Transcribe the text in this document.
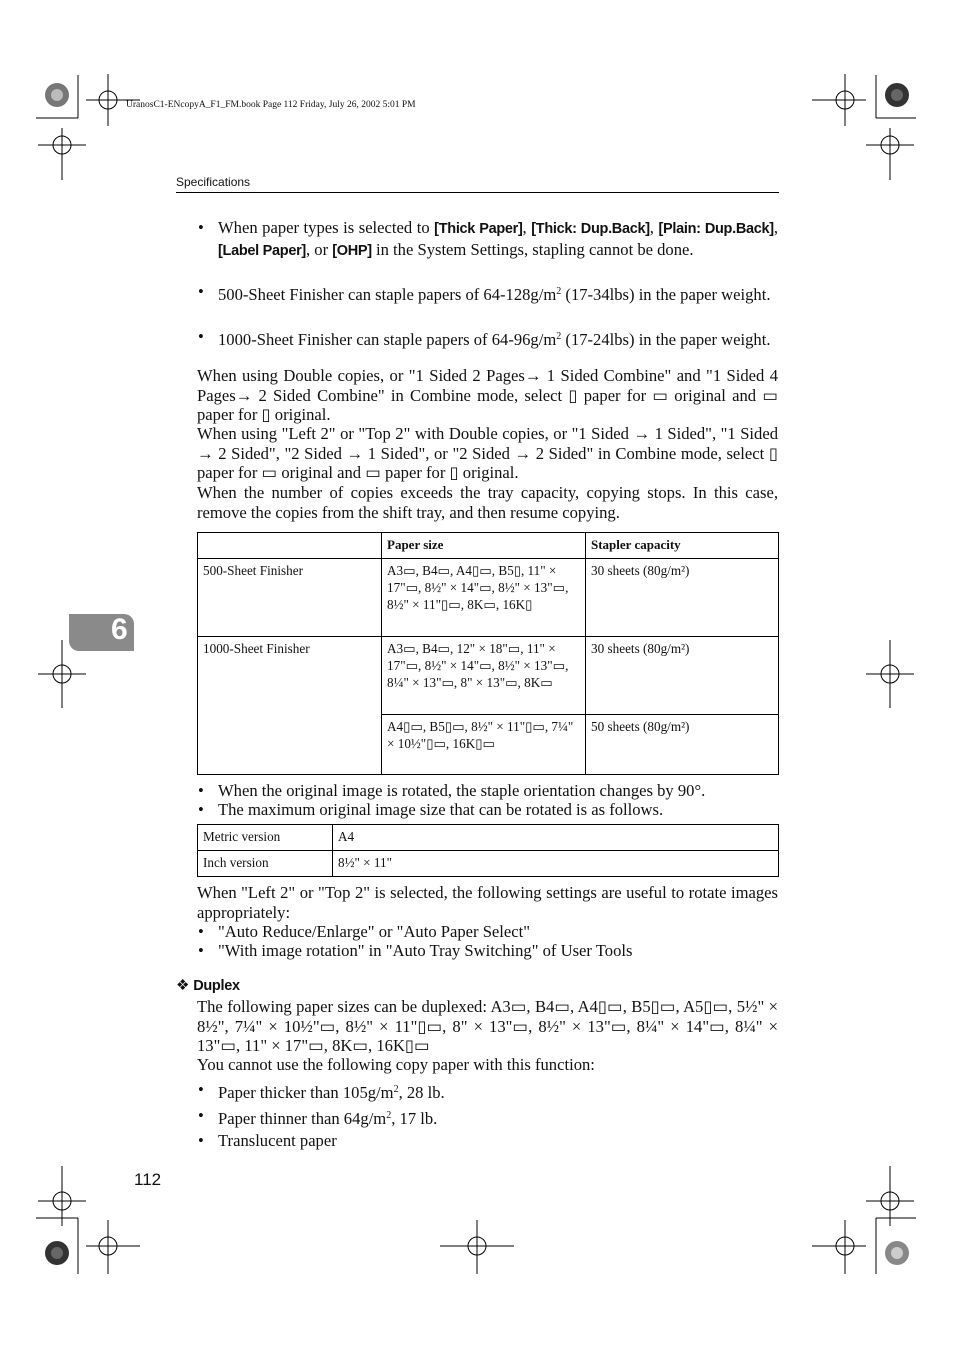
UranosC1-ENcopyA_F1_FM.book Page 112 Friday, July 26, 2002 5:01 PM
Specifications
6
• When paper types is selected to [Thick Paper], [Thick: Dup.Back], [Plain: Dup.Back], [Label Paper], or [OHP] in the System Settings, stapling cannot be done.
• 500-Sheet Finisher can staple papers of $64-128g/m^2$ (17-34lbs) in the paper weight.
• 1000-Sheet Finisher can staple papers of $64-96g/m^2$ (17-24lbs) in the paper weight.
When using Double copies, or "1 Sided 2 Pages→ 1 Sided Combine" and "1 Sided 4 Pages→ 2 Sided Combine" in Combine mode, select ▯ paper for ▭ original and ▭ paper for ▯ original.
When using "Left 2" or "Top 2" with Double copies, or "1 Sided → 1 Sided", "1 Sided → 2 Sided", "2 Sided → 1 Sided", or "2 Sided → 2 Sided" in Combine mode, select ▯ paper for ▭ original and ▭ paper for ▯ original.
When the number of copies exceeds the tray capacity, copying stops. In this case, remove the copies from the shift tray, and then resume copying.
	Paper size	Stapler capacity
500-Sheet Finisher	A3▭, B4▭, A4▯▭, B5▯, 11" × 17"▭, 8½" × 14"▭, 8½" × 13"▭, 8½" × 11"▯▭, 8K▭, 16K▯	30 sheets (80g/m²)
1000-Sheet Finisher	A3▭, B4▭, 12" × 18"▭, 11" × 17"▭, 8½" × 14"▭, 8½" × 13"▭, 8¼" × 13"▭, 8" × 13"▭, 8K▭	30 sheets (80g/m²)
	A4▯▭, B5▯▭, 8½" × 11"▯▭, 7¼" × 10½"▯▭, 16K▯▭	50 sheets (80g/m²)
• When the original image is rotated, the staple orientation changes by 90°.
• The maximum original image size that can be rotated is as follows.
Metric version	A4
Inch version	8½" × 11"
When "Left 2" or "Top 2" is selected, the following settings are useful to rotate images appropriately:
• "Auto Reduce/Enlarge" or "Auto Paper Select"
• "With image rotation" in "Auto Tray Switching" of User Tools
❖ Duplex
The following paper sizes can be duplexed: A3▭, B4▭, A4▯▭, B5▯▭, A5▯▭, 5½" × 8½", 7¼" × 10½"▭, 8½" × 11"▯▭, 8" × 13"▭, 8½" × 13"▭, 8¼" × 14"▭, 8¼" × 13"▭, 11" × 17"▭, 8K▭, 16K▯▭
You cannot use the following copy paper with this function:
• Paper thicker than $105g/m^2$, 28 lb.
• Paper thinner than $64g/m^2$, 17 lb.
• Translucent paper
112
